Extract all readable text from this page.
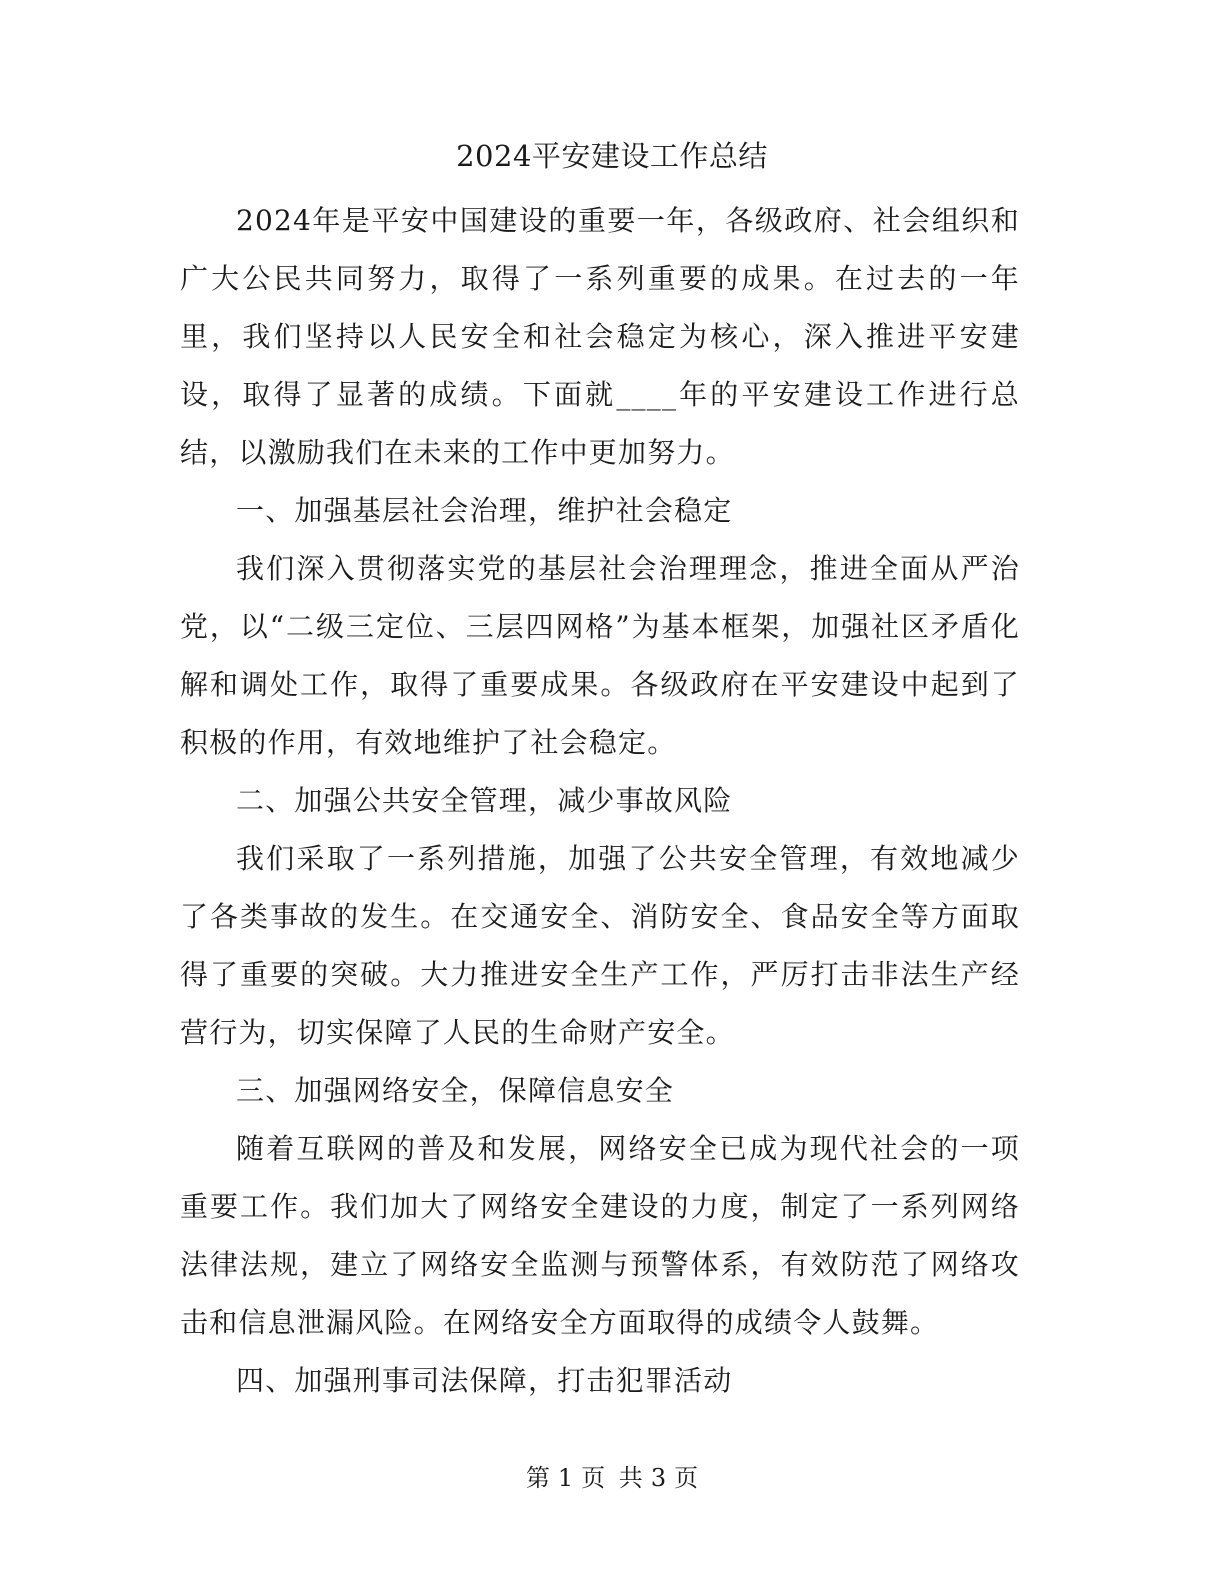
2024平安建设工作总结

2024年是平安中国建设的重要一年，各级政府、社会组织和广大公民共同努力，取得了一系列重要的成果。在过去的一年里，我们坚持以人民安全和社会稳定为核心，深入推进平安建设，取得了显著的成绩。下面就____年的平安建设工作进行总结，以激励我们在未来的工作中更加努力。

一、加强基层社会治理，维护社会稳定

我们深入贯彻落实党的基层社会治理理念，推进全面从严治党，以“二级三定位、三层四网格”为基本框架，加强社区矛盾化解和调处工作，取得了重要成果。各级政府在平安建设中起到了积极的作用，有效地维护了社会稳定。

二、加强公共安全管理，减少事故风险

我们采取了一系列措施，加强了公共安全管理，有效地减少了各类事故的发生。在交通安全、消防安全、食品安全等方面取得了重要的突破。大力推进安全生产工作，严厉打击非法生产经营行为，切实保障了人民的生命财产安全。

三、加强网络安全，保障信息安全

随着互联网的普及和发展，网络安全已成为现代社会的一项重要工作。我们加大了网络安全建设的力度，制定了一系列网络法律法规，建立了网络安全监测与预警体系，有效防范了网络攻击和信息泄漏风险。在网络安全方面取得的成绩令人鼓舞。

四、加强刑事司法保障，打击犯罪活动

第 1 页 共 3 页
